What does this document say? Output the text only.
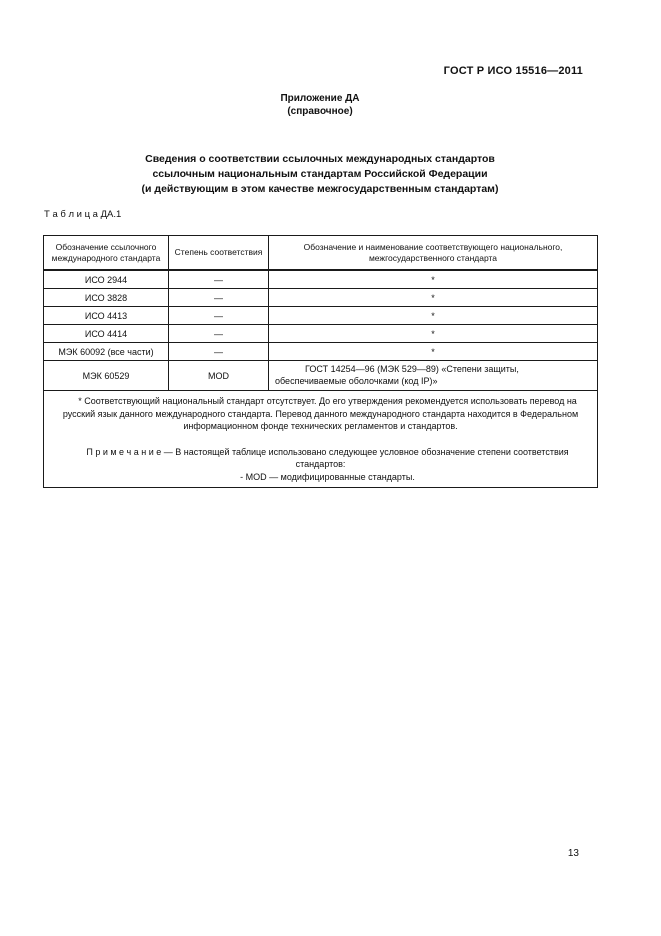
ГОСТ Р ИСО 15516—2011
Приложение ДА
(справочное)
Сведения о соответствии ссылочных международных стандартов
ссылочным национальным стандартам Российской Федерации
(и действующим в этом качестве межгосударственным стандартам)
Т а б л и ц а ДА.1
Обозначение ссылочного международного стандарта	Степень соответствия	Обозначение и наименование соответствующего национального, межгосударственного стандарта
ИСО 2944	—	*
ИСО 3828	—	*
ИСО 4413	—	*
ИСО 4414	—	*
МЭК 60092 (все части)	—	*
МЭК 60529	MOD	ГОСТ 14254—96 (МЭК 529—89) «Степени защиты, обеспечиваемые оболочками (код IP)»

* Соответствующий национальный стандарт отсутствует. До его утверждения рекомендуется использовать перевод на русский язык данного международного стандарта. Перевод данного международного стандарта находится в Федеральном информационном фонде технических регламентов и стандартов.

П р и м е ч а н и е — В настоящей таблице использовано следующее условное обозначение степени соответствия стандартов:

- MOD — модифицированные стандарты.		

13
